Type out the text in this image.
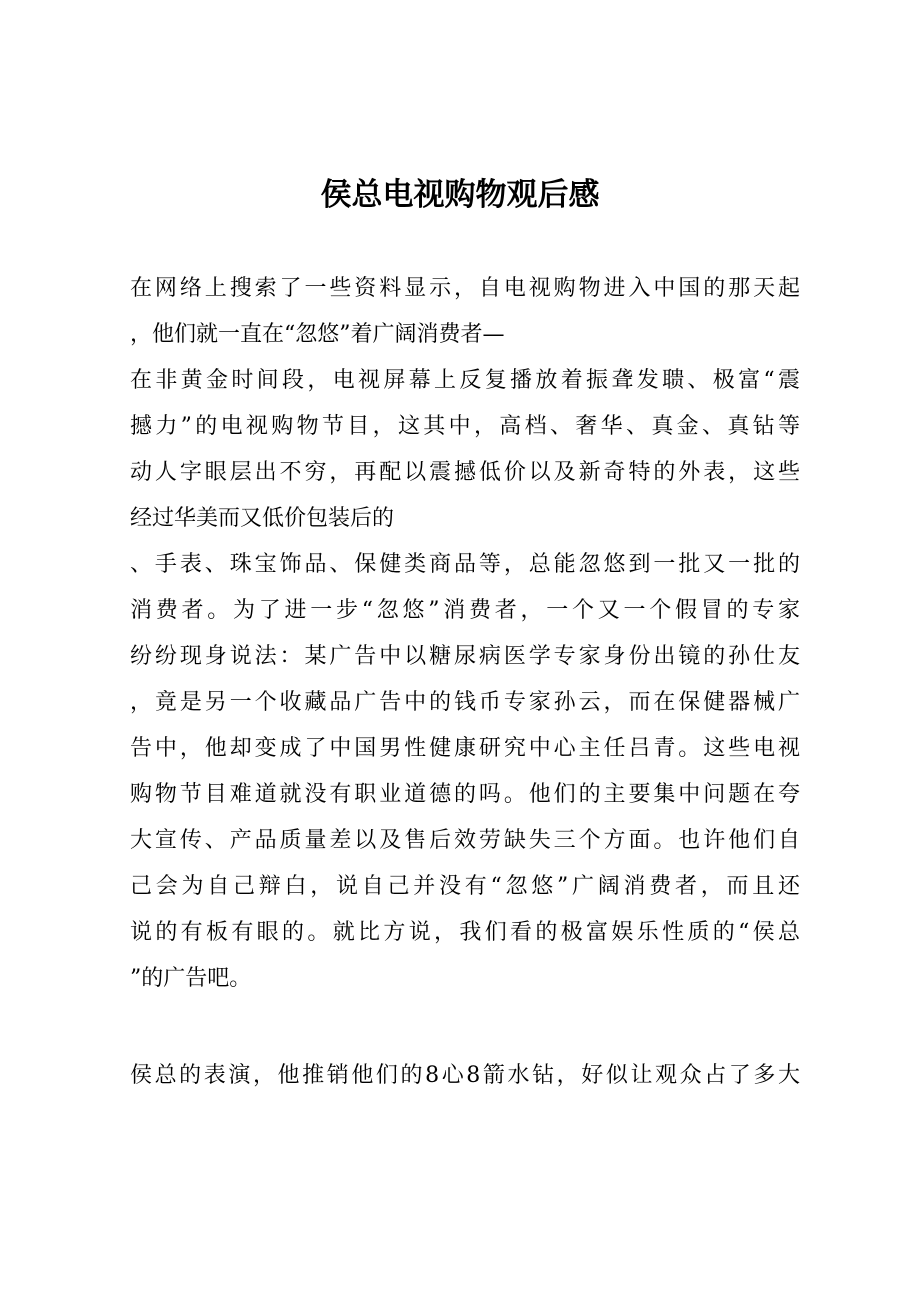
侯总电视购物观后感

在网络上搜索了一些资料显示，自电视购物进入中国的那天起

，他们就一直在“忽悠”着广阔消费者—

在非黄金时间段，电视屏幕上反复播放着振聋发聩、极富“震

撼力”的电视购物节目，这其中，高档、奢华、真金、真钻等

动人字眼层出不穷，再配以震撼低价以及新奇特的外表，这些

经过华美而又低价包装后的

、手表、珠宝饰品、保健类商品等，总能忽悠到一批又一批的

消费者。为了进一步“忽悠”消费者，一个又一个假冒的专家

纷纷现身说法：某广告中以糖尿病医学专家身份出镜的孙仕友

，竟是另一个收藏品广告中的钱币专家孙云，而在保健器械广

告中，他却变成了中国男性健康研究中心主任吕青。这些电视

购物节目难道就没有职业道德的吗。他们的主要集中问题在夸

大宣传、产品质量差以及售后效劳缺失三个方面。也许他们自

己会为自己辩白，说自己并没有“忽悠”广阔消费者，而且还

说的有板有眼的。就比方说，我们看的极富娱乐性质的“侯总

”的广告吧。

侯总的表演，他推销他们的8心8箭水钻，好似让观众占了多大
